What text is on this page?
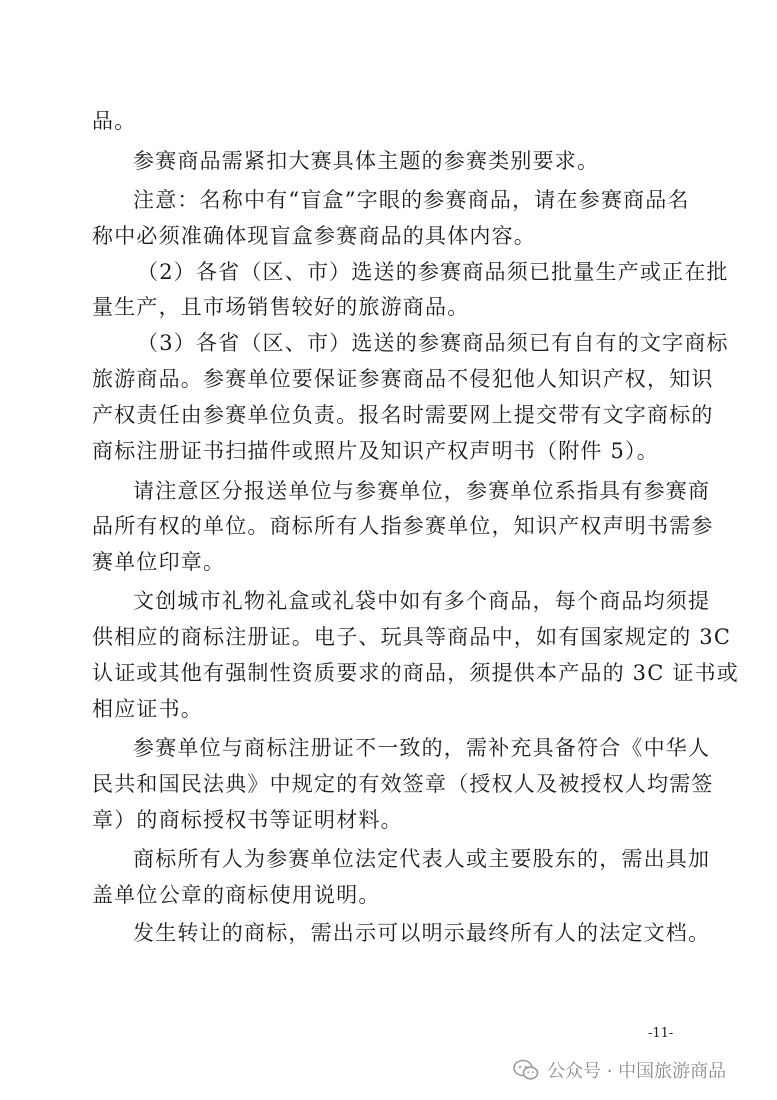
品。
参赛商品需紧扣大赛具体主题的参赛类别要求。
注意：名称中有“盲盒”字眼的参赛商品，请在参赛商品名
称中必须准确体现盲盒参赛商品的具体内容。
（2）各省（区、市）选送的参赛商品须已批量生产或正在批
量生产，且市场销售较好的旅游商品。
（3）各省（区、市）选送的参赛商品须已有自有的文字商标
旅游商品。参赛单位要保证参赛商品不侵犯他人知识产权，知识
产权责任由参赛单位负责。报名时需要网上提交带有文字商标的
商标注册证书扫描件或照片及知识产权声明书（附件 5）。
请注意区分报送单位与参赛单位，参赛单位系指具有参赛商
品所有权的单位。商标所有人指参赛单位，知识产权声明书需参
赛单位印章。
文创城市礼物礼盒或礼袋中如有多个商品，每个商品均须提
供相应的商标注册证。电子、玩具等商品中，如有国家规定的 3C
认证或其他有强制性资质要求的商品，须提供本产品的 3C 证书或
相应证书。
参赛单位与商标注册证不一致的，需补充具备符合《中华人
民共和国民法典》中规定的有效签章（授权人及被授权人均需签
章）的商标授权书等证明材料。
商标所有人为参赛单位法定代表人或主要股东的，需出具加
盖单位公章的商标使用说明。
发生转让的商标，需出示可以明示最终所有人的法定文档。
-11-
公众号 · 中国旅游商品
